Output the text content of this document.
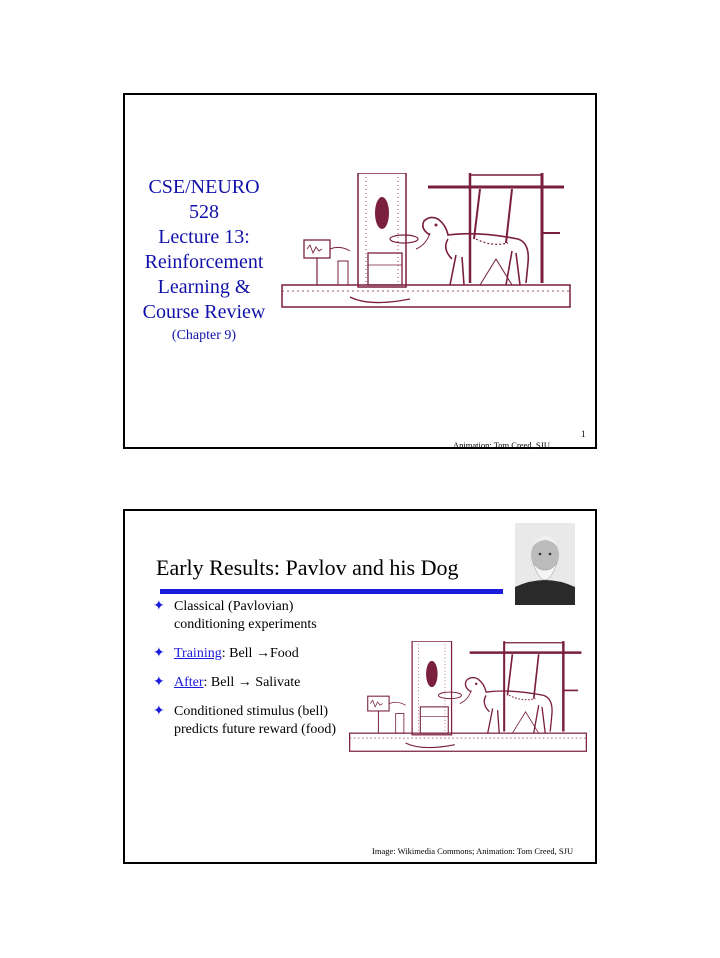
CSE/NEURO
528
Lecture 13:
Reinforcement
Learning &
Course Review
(Chapter 9)
1
Animation: Tom Creed, SJU
Early Results: Pavlov and his Dog
✦ Classical (Pavlovian) conditioning experiments
✦ Training: Bell →Food
✦ After: Bell → Salivate
✦ Conditioned stimulus (bell) predicts future reward (food)
Image: Wikimedia Commons; Animation: Tom Creed, SJU
